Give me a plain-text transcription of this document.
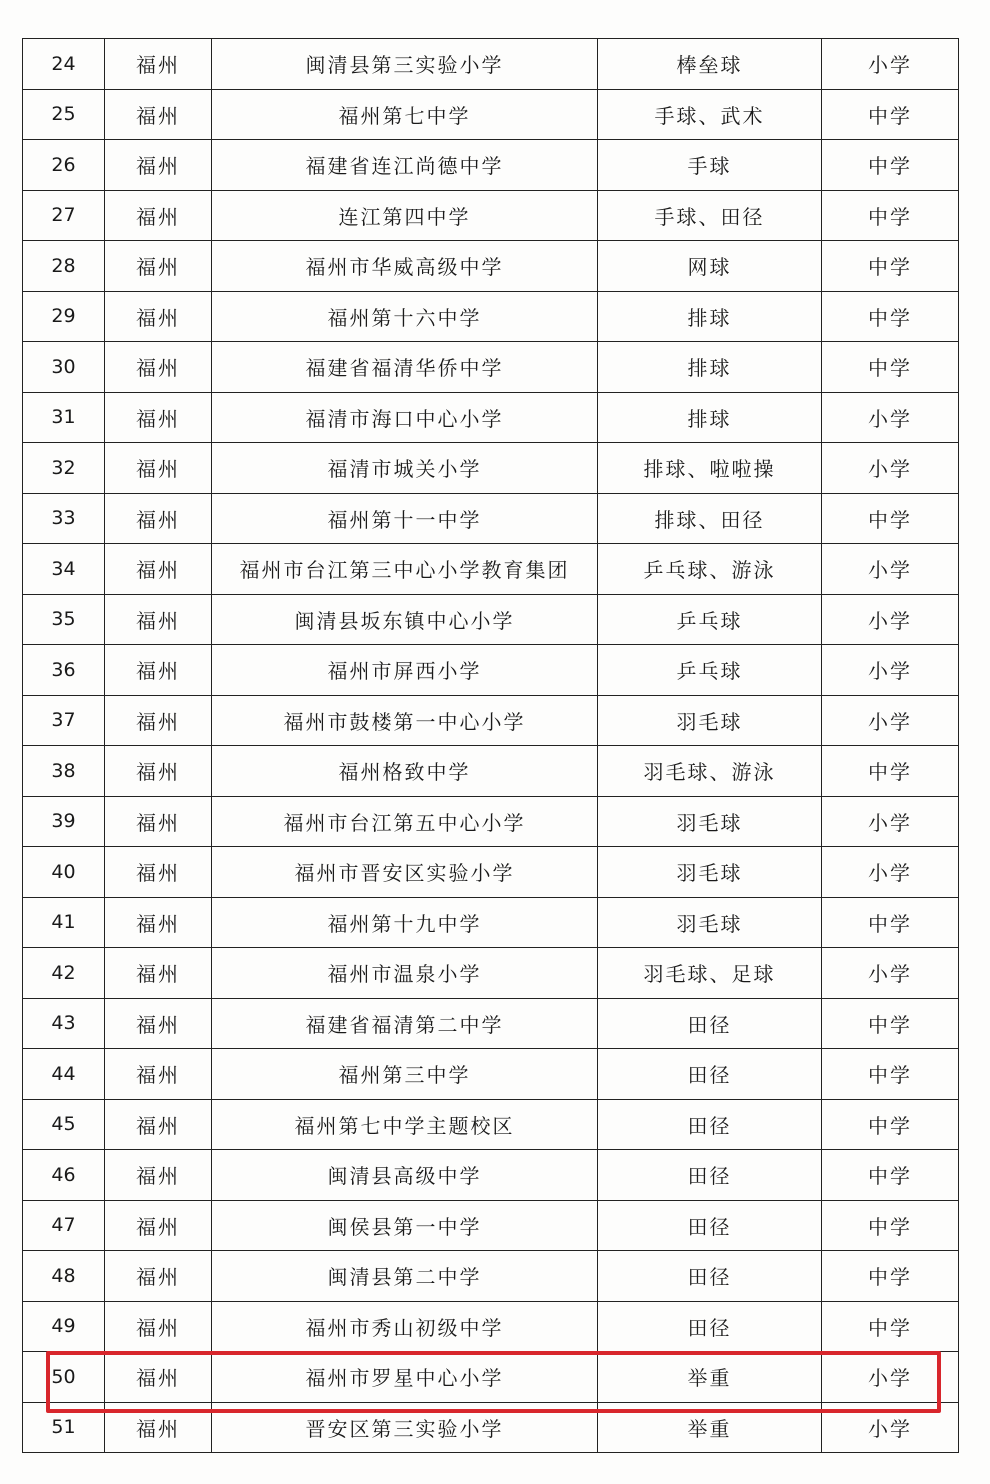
24	福州	闽清县第三实验小学	棒垒球	小学
25	福州	福州第七中学	手球、武术	中学
26	福州	福建省连江尚德中学	手球	中学
27	福州	连江第四中学	手球、田径	中学
28	福州	福州市华威高级中学	网球	中学
29	福州	福州第十六中学	排球	中学
30	福州	福建省福清华侨中学	排球	中学
31	福州	福清市海口中心小学	排球	小学
32	福州	福清市城关小学	排球、啦啦操	小学
33	福州	福州第十一中学	排球、田径	中学
34	福州	福州市台江第三中心小学教育集团	乒乓球、游泳	小学
35	福州	闽清县坂东镇中心小学	乒乓球	小学
36	福州	福州市屏西小学	乒乓球	小学
37	福州	福州市鼓楼第一中心小学	羽毛球	小学
38	福州	福州格致中学	羽毛球、游泳	中学
39	福州	福州市台江第五中心小学	羽毛球	小学
40	福州	福州市晋安区实验小学	羽毛球	小学
41	福州	福州第十九中学	羽毛球	中学
42	福州	福州市温泉小学	羽毛球、足球	小学
43	福州	福建省福清第二中学	田径	中学
44	福州	福州第三中学	田径	中学
45	福州	福州第七中学主题校区	田径	中学
46	福州	闽清县高级中学	田径	中学
47	福州	闽侯县第一中学	田径	中学
48	福州	闽清县第二中学	田径	中学
49	福州	福州市秀山初级中学	田径	中学
50	福州	福州市罗星中心小学	举重	小学
51	福州	晋安区第三实验小学	举重	小学
